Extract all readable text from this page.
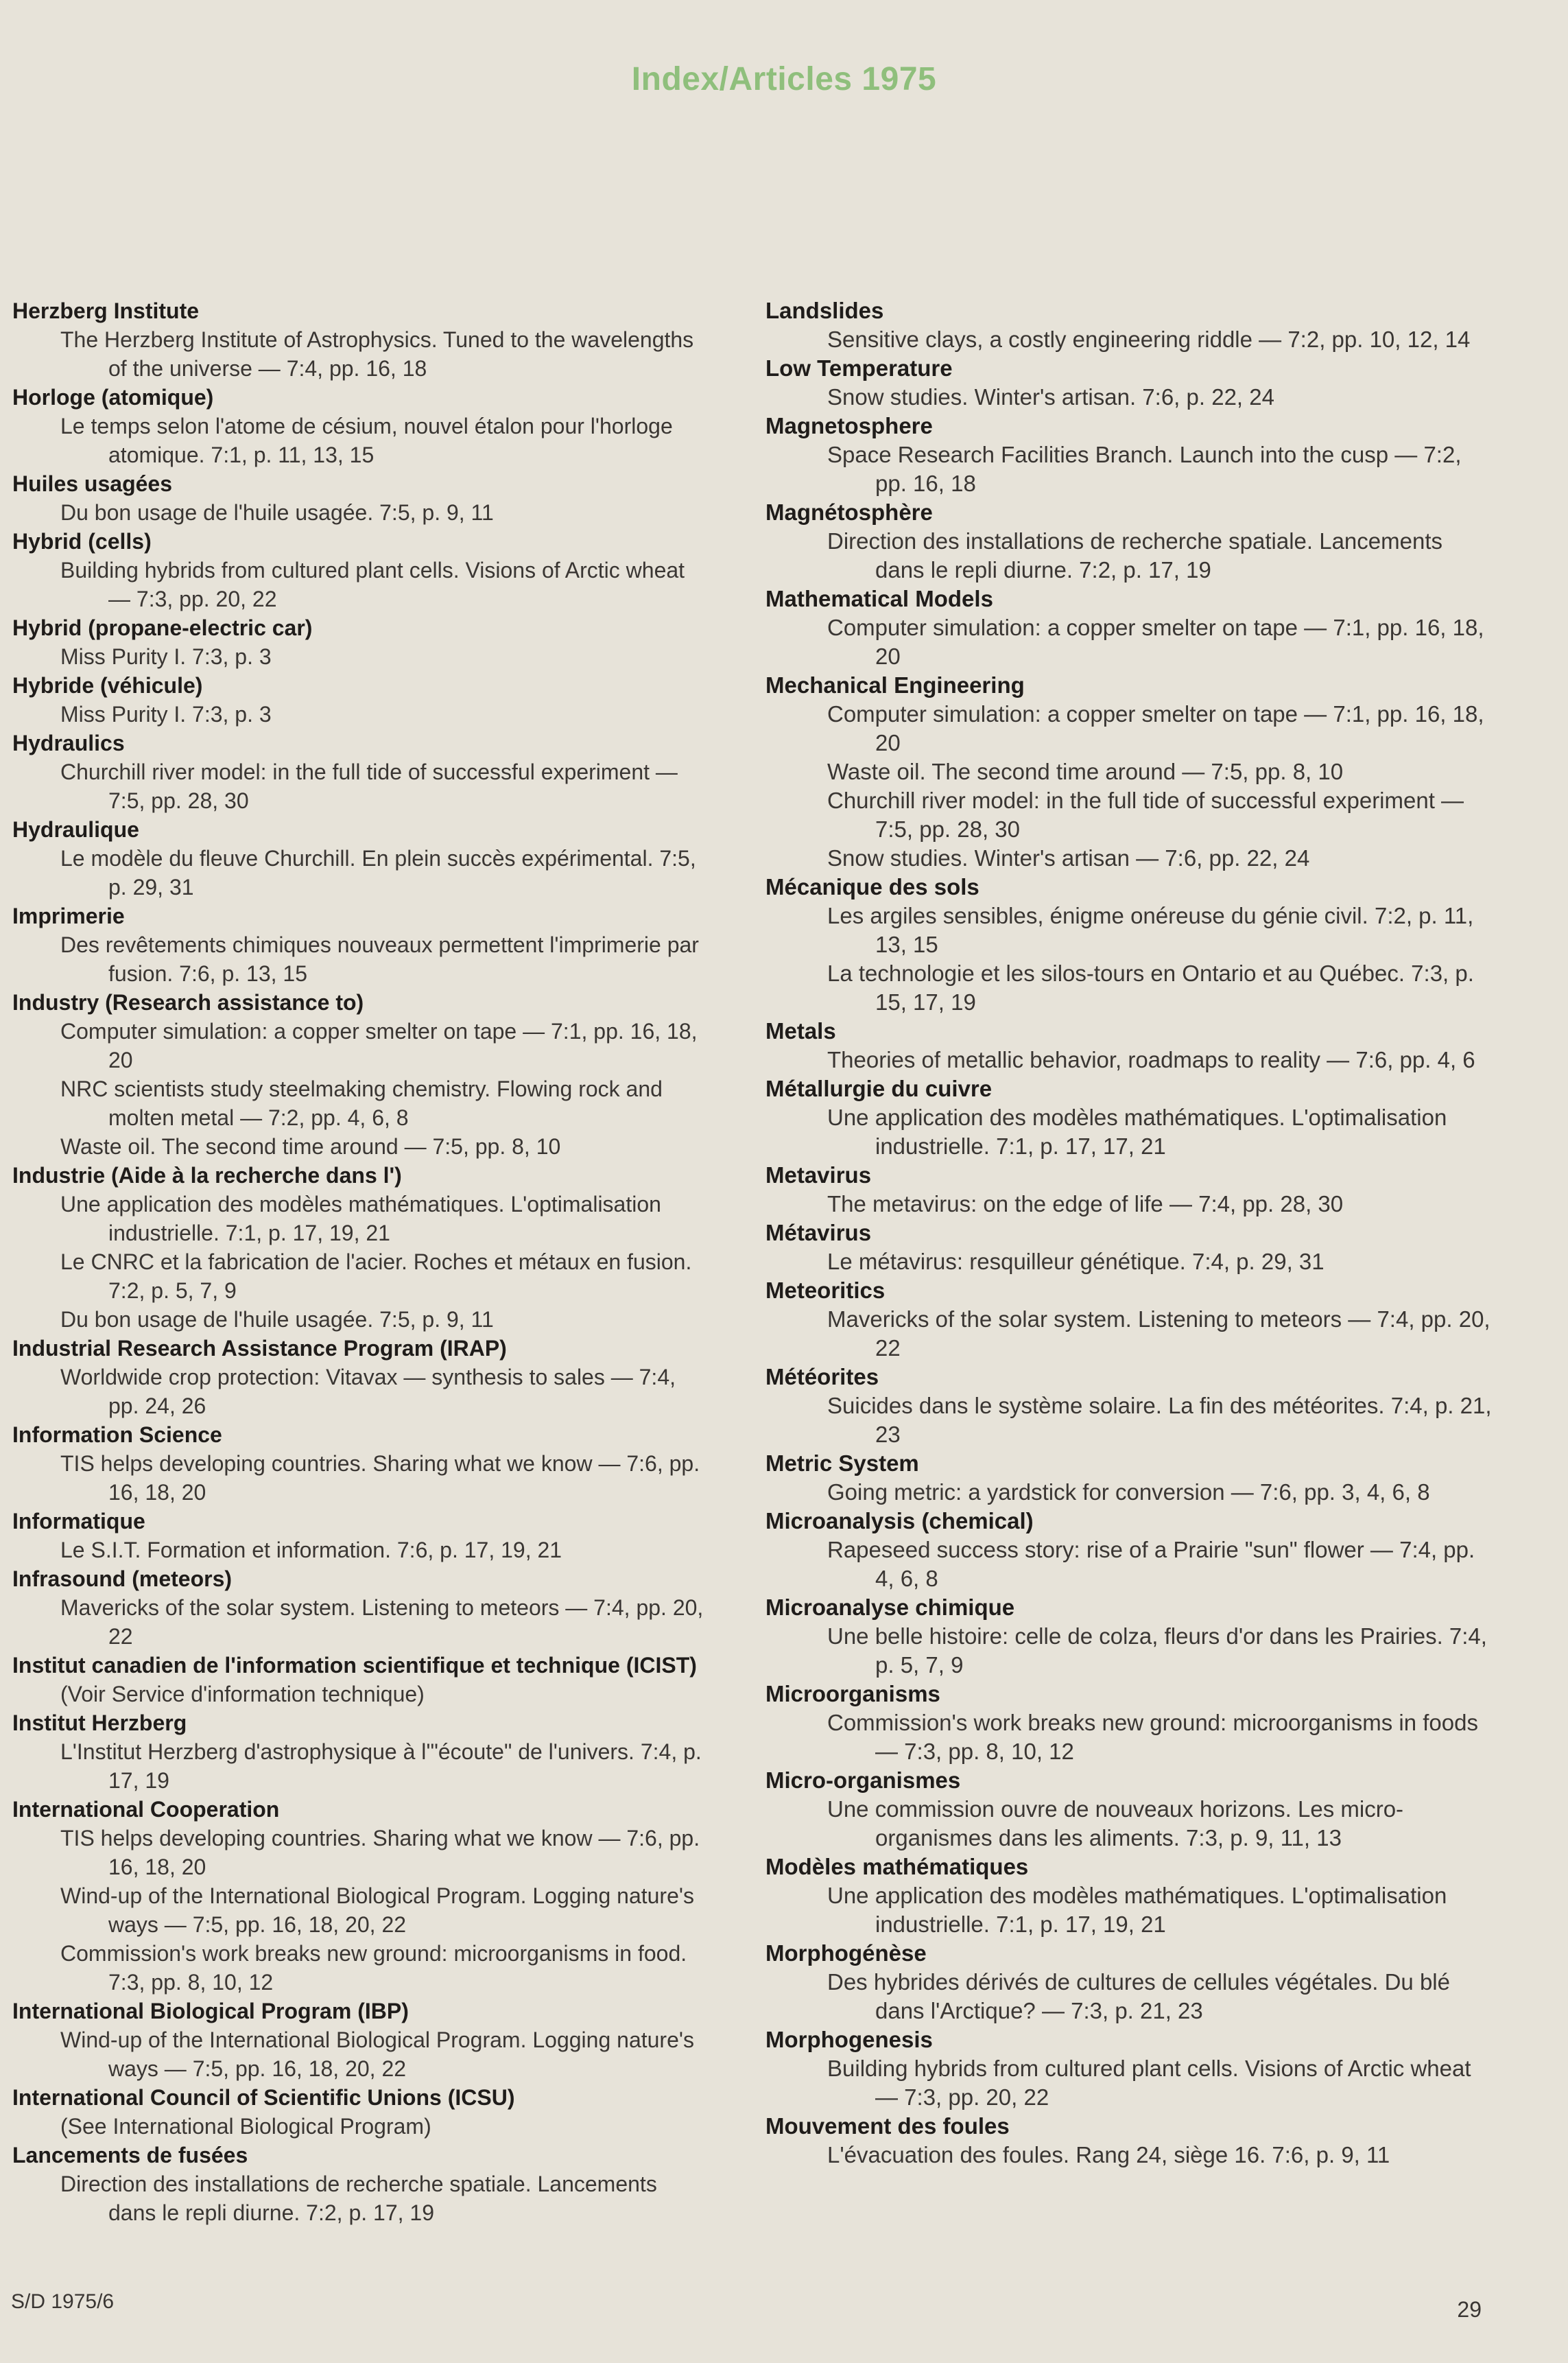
Index/Articles 1975
Herzberg Institute
The Herzberg Institute of Astrophysics. Tuned to the wavelengths of the universe — 7:4, pp. 16, 18
Horloge (atomique)
Le temps selon l'atome de césium, nouvel étalon pour l'horloge atomique. 7:1, p. 11, 13, 15
Huiles usagées
Du bon usage de l'huile usagée. 7:5, p. 9, 11
Hybrid (cells)
Building hybrids from cultured plant cells. Visions of Arctic wheat — 7:3, pp. 20, 22
Hybrid (propane-electric car)
Miss Purity I. 7:3, p. 3
Hybride (véhicule)
Miss Purity I. 7:3, p. 3
Hydraulics
Churchill river model: in the full tide of successful experiment — 7:5, pp. 28, 30
Hydraulique
Le modèle du fleuve Churchill. En plein succès expérimental. 7:5, p. 29, 31
Imprimerie
Des revêtements chimiques nouveaux permettent l'imprimerie par fusion. 7:6, p. 13, 15
Industry (Research assistance to)
Computer simulation: a copper smelter on tape — 7:1, pp. 16, 18, 20
NRC scientists study steelmaking chemistry. Flowing rock and molten metal — 7:2, pp. 4, 6, 8
Waste oil. The second time around — 7:5, pp. 8, 10
Industrie (Aide à la recherche dans l')
Une application des modèles mathématiques. L'optimalisation industrielle. 7:1, p. 17, 19, 21
Le CNRC et la fabrication de l'acier. Roches et métaux en fusion. 7:2, p. 5, 7, 9
Du bon usage de l'huile usagée. 7:5, p. 9, 11
Industrial Research Assistance Program (IRAP)
Worldwide crop protection: Vitavax — synthesis to sales — 7:4, pp. 24, 26
Information Science
TIS helps developing countries. Sharing what we know — 7:6, pp. 16, 18, 20
Informatique
Le S.I.T. Formation et information. 7:6, p. 17, 19, 21
Infrasound (meteors)
Mavericks of the solar system. Listening to meteors — 7:4, pp. 20, 22
Institut canadien de l'information scientifique et technique (ICIST)
(Voir Service d'information technique)
Institut Herzberg
L'Institut Herzberg d'astrophysique à l'"écoute" de l'univers. 7:4, p. 17, 19
International Cooperation
TIS helps developing countries. Sharing what we know — 7:6, pp. 16, 18, 20
Wind-up of the International Biological Program. Logging nature's ways — 7:5, pp. 16, 18, 20, 22
Commission's work breaks new ground: microorganisms in food. 7:3, pp. 8, 10, 12
International Biological Program (IBP)
Wind-up of the International Biological Program. Logging nature's ways — 7:5, pp. 16, 18, 20, 22
International Council of Scientific Unions (ICSU)
(See International Biological Program)
Lancements de fusées
Direction des installations de recherche spatiale. Lancements dans le repli diurne. 7:2, p. 17, 19
Landslides
Sensitive clays, a costly engineering riddle — 7:2, pp. 10, 12, 14
Low Temperature
Snow studies. Winter's artisan. 7:6, p. 22, 24
Magnetosphere
Space Research Facilities Branch. Launch into the cusp — 7:2, pp. 16, 18
Magnétosphère
Direction des installations de recherche spatiale. Lancements dans le repli diurne. 7:2, p. 17, 19
Mathematical Models
Computer simulation: a copper smelter on tape — 7:1, pp. 16, 18, 20
Mechanical Engineering
Computer simulation: a copper smelter on tape — 7:1, pp. 16, 18, 20
Waste oil. The second time around — 7:5, pp. 8, 10
Churchill river model: in the full tide of successful experiment — 7:5, pp. 28, 30
Snow studies. Winter's artisan — 7:6, pp. 22, 24
Mécanique des sols
Les argiles sensibles, énigme onéreuse du génie civil. 7:2, p. 11, 13, 15
La technologie et les silos-tours en Ontario et au Québec. 7:3, p. 15, 17, 19
Metals
Theories of metallic behavior, roadmaps to reality — 7:6, pp. 4, 6
Métallurgie du cuivre
Une application des modèles mathématiques. L'optimalisation industrielle. 7:1, p. 17, 17, 21
Metavirus
The metavirus: on the edge of life — 7:4, pp. 28, 30
Métavirus
Le métavirus: resquilleur génétique. 7:4, p. 29, 31
Meteoritics
Mavericks of the solar system. Listening to meteors — 7:4, pp. 20, 22
Météorites
Suicides dans le système solaire. La fin des météorites. 7:4, p. 21, 23
Metric System
Going metric: a yardstick for conversion — 7:6, pp. 3, 4, 6, 8
Microanalysis (chemical)
Rapeseed success story: rise of a Prairie "sun" flower — 7:4, pp. 4, 6, 8
Microanalyse chimique
Une belle histoire: celle de colza, fleurs d'or dans les Prairies. 7:4, p. 5, 7, 9
Microorganisms
Commission's work breaks new ground: microorganisms in foods — 7:3, pp. 8, 10, 12
Micro-organismes
Une commission ouvre de nouveaux horizons. Les micro-organismes dans les aliments. 7:3, p. 9, 11, 13
Modèles mathématiques
Une application des modèles mathématiques. L'optimalisation industrielle. 7:1, p. 17, 19, 21
Morphogénèse
Des hybrides dérivés de cultures de cellules végétales. Du blé dans l'Arctique? — 7:3, p. 21, 23
Morphogenesis
Building hybrids from cultured plant cells. Visions of Arctic wheat — 7:3, pp. 20, 22
Mouvement des foules
L'évacuation des foules. Rang 24, siège 16. 7:6, p. 9, 11
S/D 1975/6	29
